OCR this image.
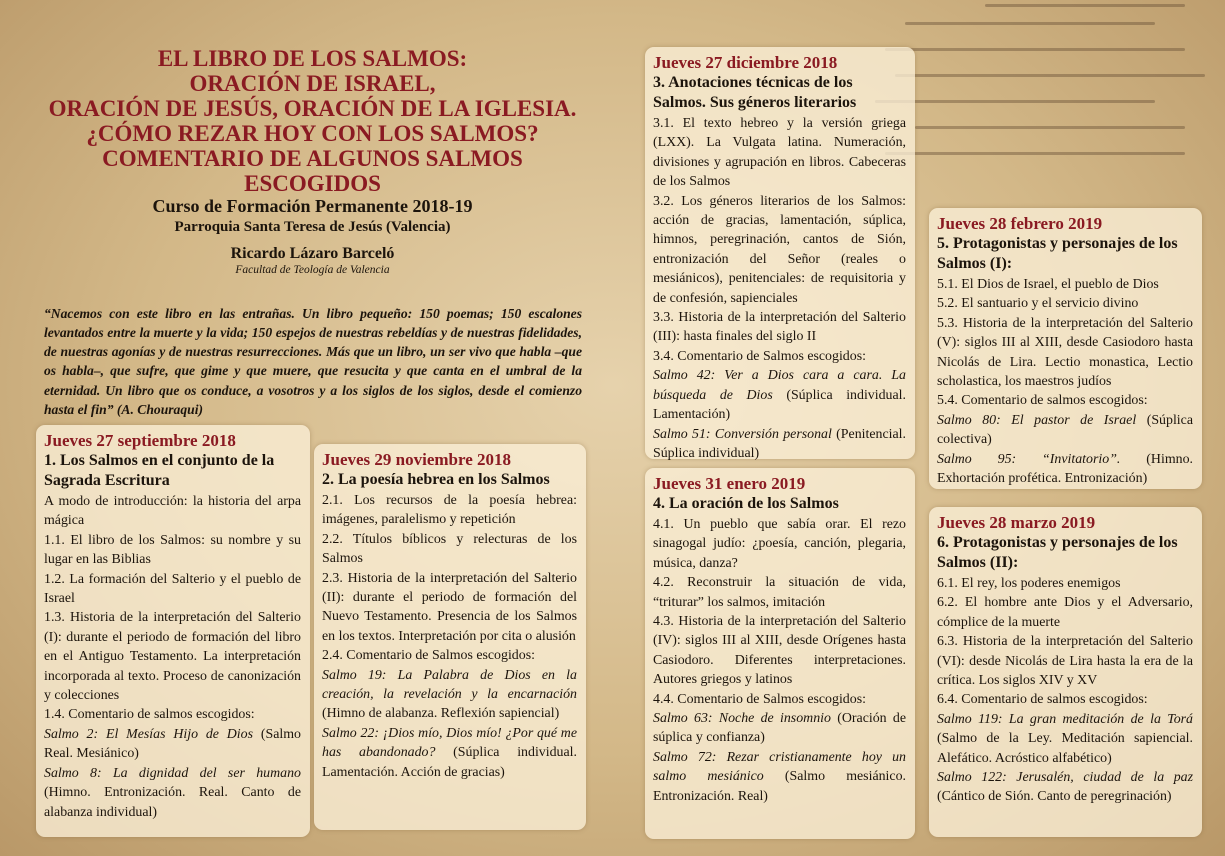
EL LIBRO DE LOS SALMOS:
ORACIÓN DE ISRAEL,
ORACIÓN DE JESÚS, ORACIÓN DE LA IGLESIA.
¿CÓMO REZAR HOY CON LOS SALMOS?
COMENTARIO DE ALGUNOS SALMOS ESCOGIDOS

Curso de Formación Permanente 2018-19

Parroquia Santa Teresa de Jesús (Valencia)

Ricardo Lázaro Barceló

Facultad de Teología de Valencia

“Nacemos con este libro en las entrañas. Un libro pequeño: 150 poemas; 150 escalones levantados entre la muerte y la vida; 150 espejos de nuestras rebeldías y de nuestras fidelidades, de nuestras agonías y de nuestras resurrecciones. Más que un libro, un ser vivo que habla –que os habla–, que sufre, que gime y que muere, que resucita y que canta en el umbral de la eternidad. Un libro que os conduce, a vosotros y a los siglos de los siglos, desde el comienzo hasta el fin” (A. Chouraqui)

Jueves 27 septiembre 2018

1. Los Salmos en el conjunto de la Sagrada Escritura

A modo de introducción: la historia del arpa mágica

1.1. El libro de los Salmos: su nombre y su lugar en las Biblias

1.2. La formación del Salterio y el pueblo de Israel

1.3. Historia de la interpretación del Salterio (I): durante el periodo de formación del libro en el Antiguo Testamento. La interpretación incorporada al texto. Proceso de canonización y colecciones

1.4. Comentario de salmos escogidos:

Salmo 2: El Mesías Hijo de Dios (Salmo Real. Mesiánico)

Salmo 8: La dignidad del ser humano (Himno. Entronización. Real. Canto de alabanza individual)

Jueves 29 noviembre 2018

2. La poesía hebrea en los Salmos

2.1. Los recursos de la poesía hebrea: imágenes, paralelismo y repetición

2.2. Títulos bíblicos y relecturas de los Salmos

2.3. Historia de la interpretación del Salterio (II): durante el periodo de formación del Nuevo Testamento. Presencia de los Salmos en los textos. Interpretación por cita o alusión

2.4. Comentario de Salmos escogidos:

Salmo 19: La Palabra de Dios en la creación, la revelación y la encarnación (Himno de alabanza. Reflexión sapiencial)

Salmo 22: ¡Dios mío, Dios mío! ¿Por qué me has abandonado? (Súplica individual. Lamentación. Acción de gracias)

Jueves 27 diciembre 2018

3. Anotaciones técnicas de los Salmos. Sus géneros literarios

3.1. El texto hebreo y la versión griega (LXX). La Vulgata latina. Numeración, divisiones y agrupación en libros. Cabeceras de los Salmos

3.2. Los géneros literarios de los Salmos: acción de gracias, lamentación, súplica, himnos, peregrinación, cantos de Sión, entronización del Señor (reales o mesiánicos), penitenciales: de requisitoria y de confesión, sapienciales

3.3. Historia de la interpretación del Salterio (III): hasta finales del siglo II

3.4. Comentario de Salmos escogidos:

Salmo 42: Ver a Dios cara a cara. La búsqueda de Dios (Súplica individual. Lamentación)

Salmo 51: Conversión personal (Penitencial. Súplica individual)

Jueves 31 enero 2019

4. La oración de los Salmos

4.1. Un pueblo que sabía orar. El rezo sinagogal judío: ¿poesía, canción, plegaria, música, danza?

4.2. Reconstruir la situación de vida, “triturar” los salmos, imitación

4.3. Historia de la interpretación del Salterio (IV): siglos III al XIII, desde Orígenes hasta Casiodoro. Diferentes interpretaciones. Autores griegos y latinos

4.4. Comentario de Salmos escogidos:

Salmo 63: Noche de insomnio (Oración de súplica y confianza)

Salmo 72: Rezar cristianamente hoy un salmo mesiánico (Salmo mesiánico. Entronización. Real)

Jueves 28 febrero 2019

5. Protagonistas y personajes de los Salmos (I):

5.1. El Dios de Israel, el pueblo de Dios

5.2. El santuario y el servicio divino

5.3. Historia de la interpretación del Salterio (V): siglos III al XIII, desde Casiodoro hasta Nicolás de Lira. Lectio monastica, Lectio scholastica, los maestros judíos

5.4. Comentario de salmos escogidos:

Salmo 80: El pastor de Israel (Súplica colectiva)

Salmo 95: “Invitatorio”. (Himno. Exhortación profética. Entronización)

Jueves 28 marzo 2019

6. Protagonistas y personajes de los Salmos (II):

6.1. El rey, los poderes enemigos

6.2. El hombre ante Dios y el Adversario, cómplice de la muerte

6.3. Historia de la interpretación del Salterio (VI): desde Nicolás de Lira hasta la era de la crítica. Los siglos XIV y XV

6.4. Comentario de salmos escogidos:

Salmo 119: La gran meditación de la Torá (Salmo de la Ley. Meditación sapiencial. Alefático. Acróstico alfabético)

Salmo 122: Jerusalén, ciudad de la paz (Cántico de Sión. Canto de peregrinación)
